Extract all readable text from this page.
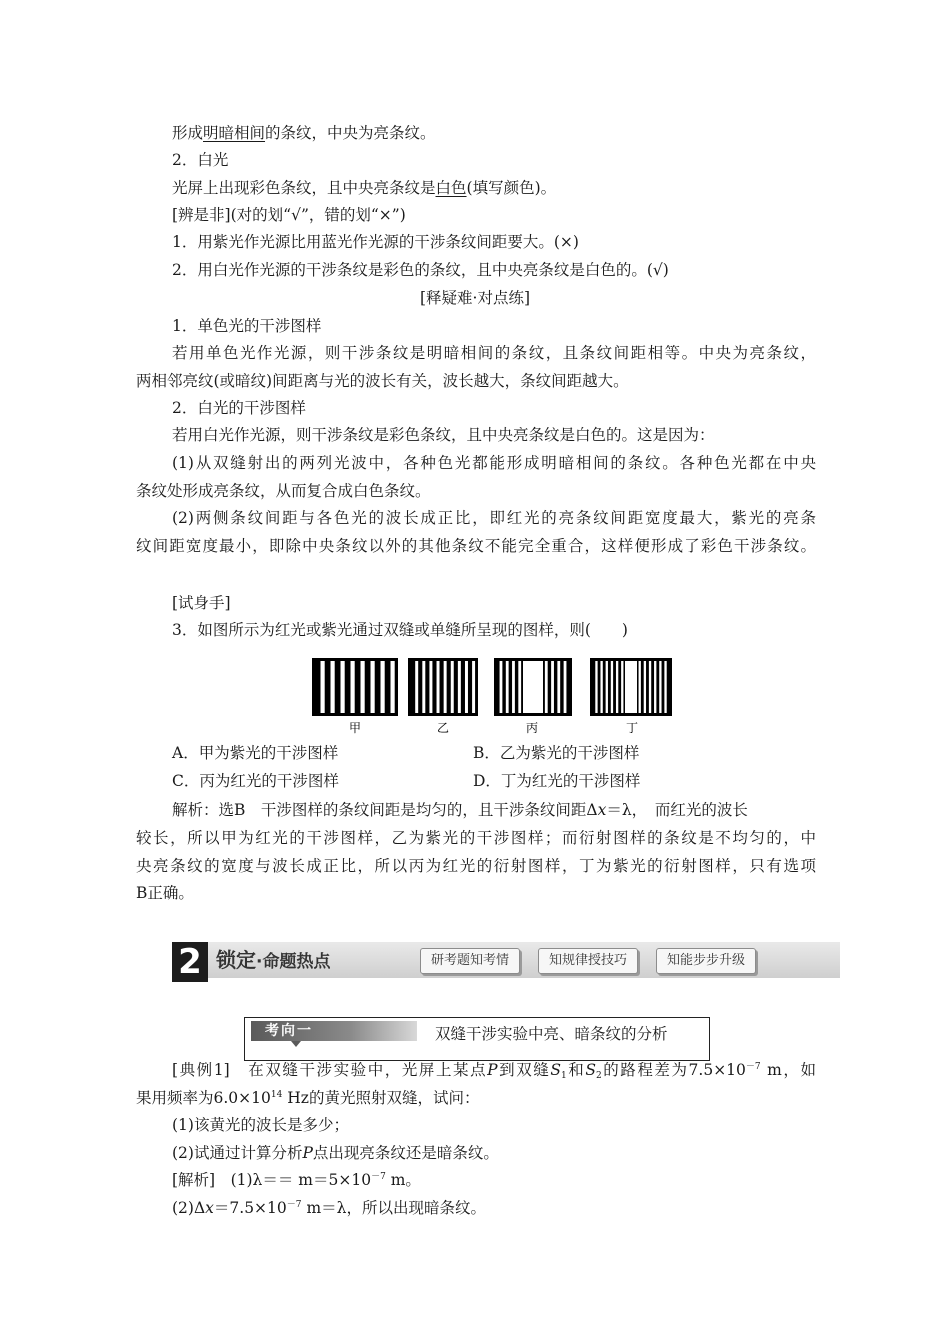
形成明暗相间的条纹，中央为亮条纹。
2．白光
光屏上出现彩色条纹，且中央亮条纹是白色(填写颜色)。
[辨是非](对的划“√”，错的划“×”)
1．用紫光作光源比用蓝光作光源的干涉条纹间距要大。(×)
2．用白光作光源的干涉条纹是彩色的条纹，且中央亮条纹是白色的。(√)
[释疑难·对点练]
1．单色光的干涉图样
若用单色光作光源，则干涉条纹是明暗相间的条纹，且条纹间距相等。中央为亮条纹，
两相邻亮纹(或暗纹)间距离与光的波长有关，波长越大，条纹间距越大。
2．白光的干涉图样
若用白光作光源，则干涉条纹是彩色条纹，且中央亮条纹是白色的。这是因为：
(1)从双缝射出的两列光波中，各种色光都能形成明暗相间的条纹。各种色光都在中央
条纹处形成亮条纹，从而复合成白色条纹。
(2)两侧条纹间距与各色光的波长成正比，即红光的亮条纹间距宽度最大，紫光的亮条
纹间距宽度最小，即除中央条纹以外的其他条纹不能完全重合，这样便形成了彩色干涉条纹。
[试身手]
3．如图所示为红光或紫光通过双缝或单缝所呈现的图样，则(　　)
甲	乙	丙	丁
A．甲为紫光的干涉图样	B．乙为紫光的干涉图样
C．丙为红光的干涉图样	D．丁为红光的干涉图样
解析：选B　干涉图样的条纹间距是均匀的，且干涉条纹间距Δx＝λ，　而红光的波长
较长，所以甲为红光的干涉图样，乙为紫光的干涉图样；而衍射图样的条纹是不均匀的，中
央亮条纹的宽度与波长成正比，所以丙为红光的衍射图样，丁为紫光的衍射图样，只有选项
B正确。
2 锁定·命题热点	研考题知考情	知规律授技巧	知能步步升级
考向一	双缝干涉实验中亮、暗条纹的分析
[典例1]　在双缝干涉实验中，光屏上某点P到双缝$S_1$和$S_2$的路程差为$7.5\times 10^{-7}$ m，如
果用频率为$6.0\times 10^{14}$ Hz的黄光照射双缝，试问：
(1)该黄光的波长是多少；
(2)试通过计算分析P点出现亮条纹还是暗条纹。
[解析]　$(1)\lambda== m=5\times 10^{-7}$ m。
$(2)\Delta x=7.5\times 10^{-7}$ m＝λ，所以出现暗条纹。
